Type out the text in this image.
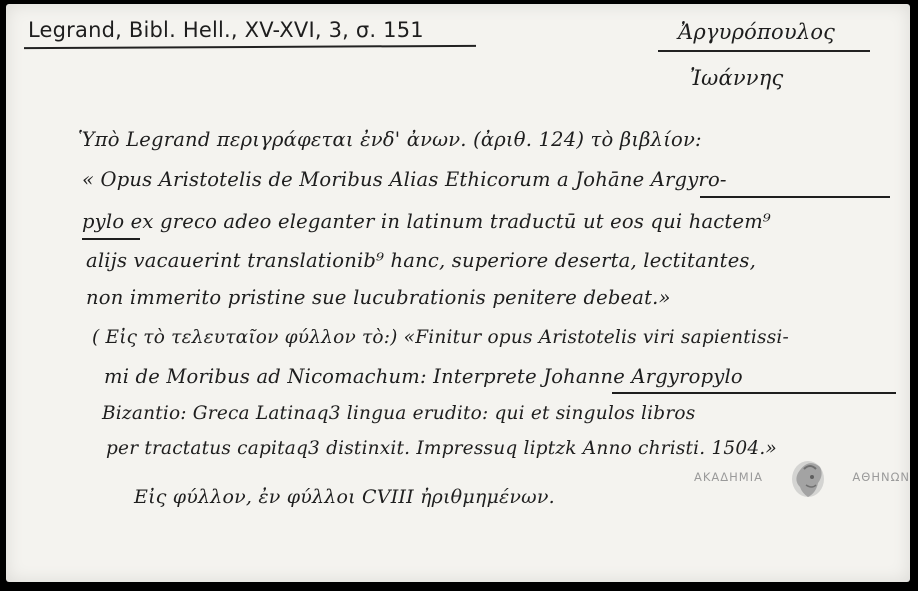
Legrand, Bibl. Hell., XV-XVI, 3, σ. 151	Ἀργυρόπουλος
Ἰωάννης
Ὑπὸ Legrand περιγράφεται ἐνδ' ἀνων. (ἀριθ. 124) τὸ βιβλίον:
« Opus Aristotelis de Moribus Alias Ethicorum a Johāne Argyro-
pylo ex greco adeo eleganter in latinum traductū ut eos qui hactem⁹
alijs vacauerint translationib⁹ hanc, superiore deserta, lectitantes,
non immerito pristine sue lucubrationis penitere debeat.»
( Εἰς τὸ τελευταῖον φύλλον τὸ:) «Finitur opus Aristotelis viri sapientissi-
mi de Moribus ad Nicomachum: Interprete Johanne Argyropylo
Bizantio: Greca Latinaq3 lingua erudito: qui et singulos libros
per tractatus capitaq3 distinxit. Impressuq liptzk Anno christi. 1504.»
Εἰς φύλλον, ἐν φύλλοι CVIII ἠριθμημένων.
ΑΚΑΔΗΜΙΑ	ΑΘΗΝΩΝ
